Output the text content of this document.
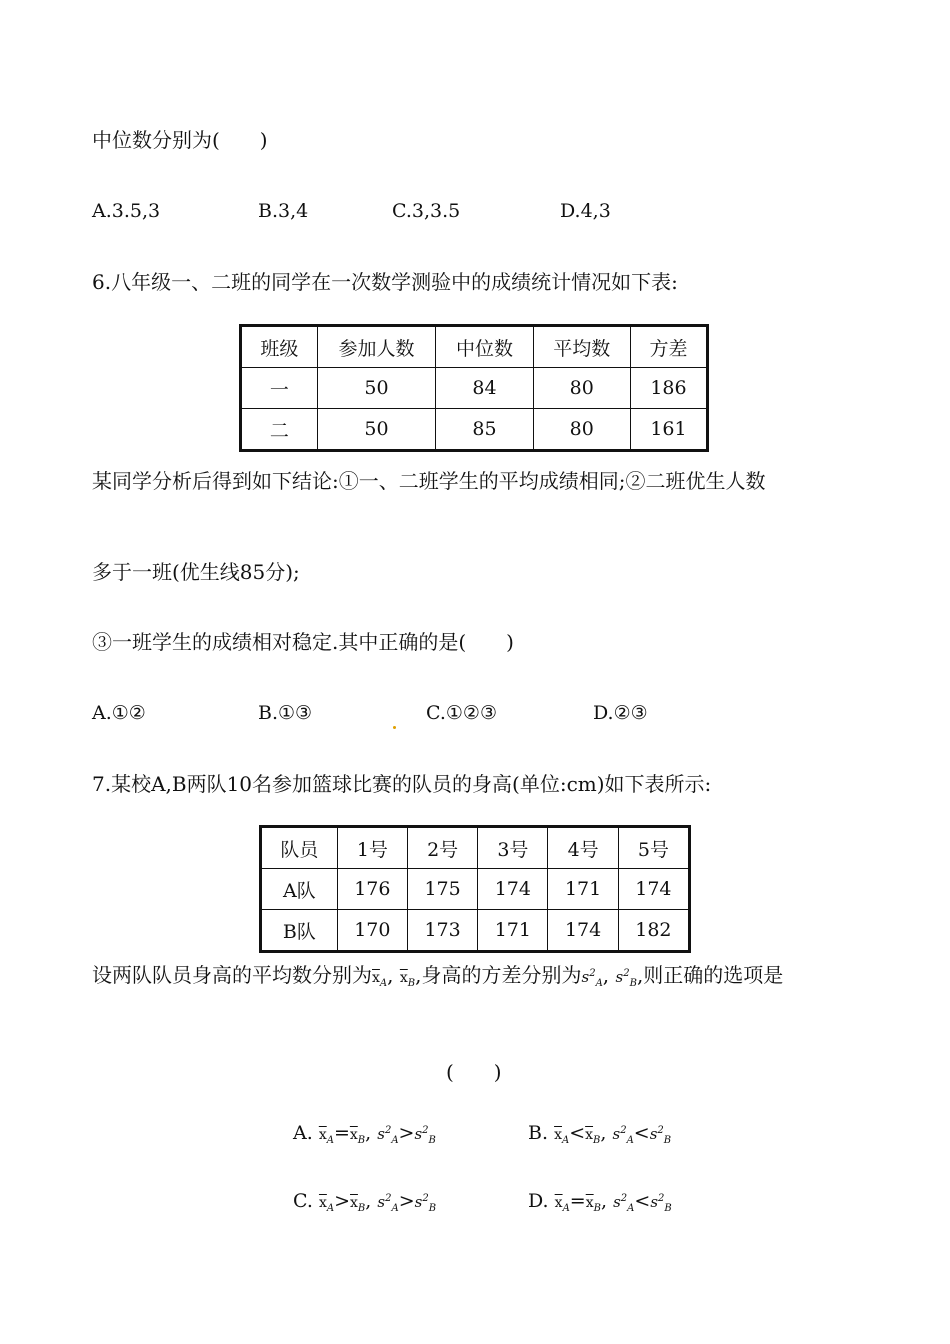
中位数分别为(　　)
A.3.5,3	B.3,4	C.3,3.5	D.4,3
6.八年级一、二班的同学在一次数学测验中的成绩统计情况如下表:
班级	参加人数	中位数	平均数	方差
一	50	84	80	186
二	50	85	80	161
某同学分析后得到如下结论:①一、二班学生的平均成绩相同;②二班优生人数
多于一班(优生线85分);
③一班学生的成绩相对稳定.其中正确的是(　　)
A.①②	B.①③	C.①②③	D.②③
7.某校A,B两队10名参加篮球比赛的队员的身高(单位:cm)如下表所示:
队员	1号	2号	3号	4号	5号
A队	176	175	174	171	174
B队	170	173	171	174	182
设两队队员身高的平均数分别为$\overline{x}_A$, $\overline{x}_B$,身高的方差分别为$s^2_A$, $s^2_B$,则正确的选项是
(　　)
A. $\overline{x}_A=\overline{x}_B$, $s^2_A>s^2_B$	B. $\overline{x}_A<\overline{x}_B$, $s^2_A<s^2_B$
C. $\overline{x}_A>\overline{x}_B$, $s^2_A>s^2_B$	D. $\overline{x}_A=\overline{x}_B$, $s^2_A<s^2_B$
